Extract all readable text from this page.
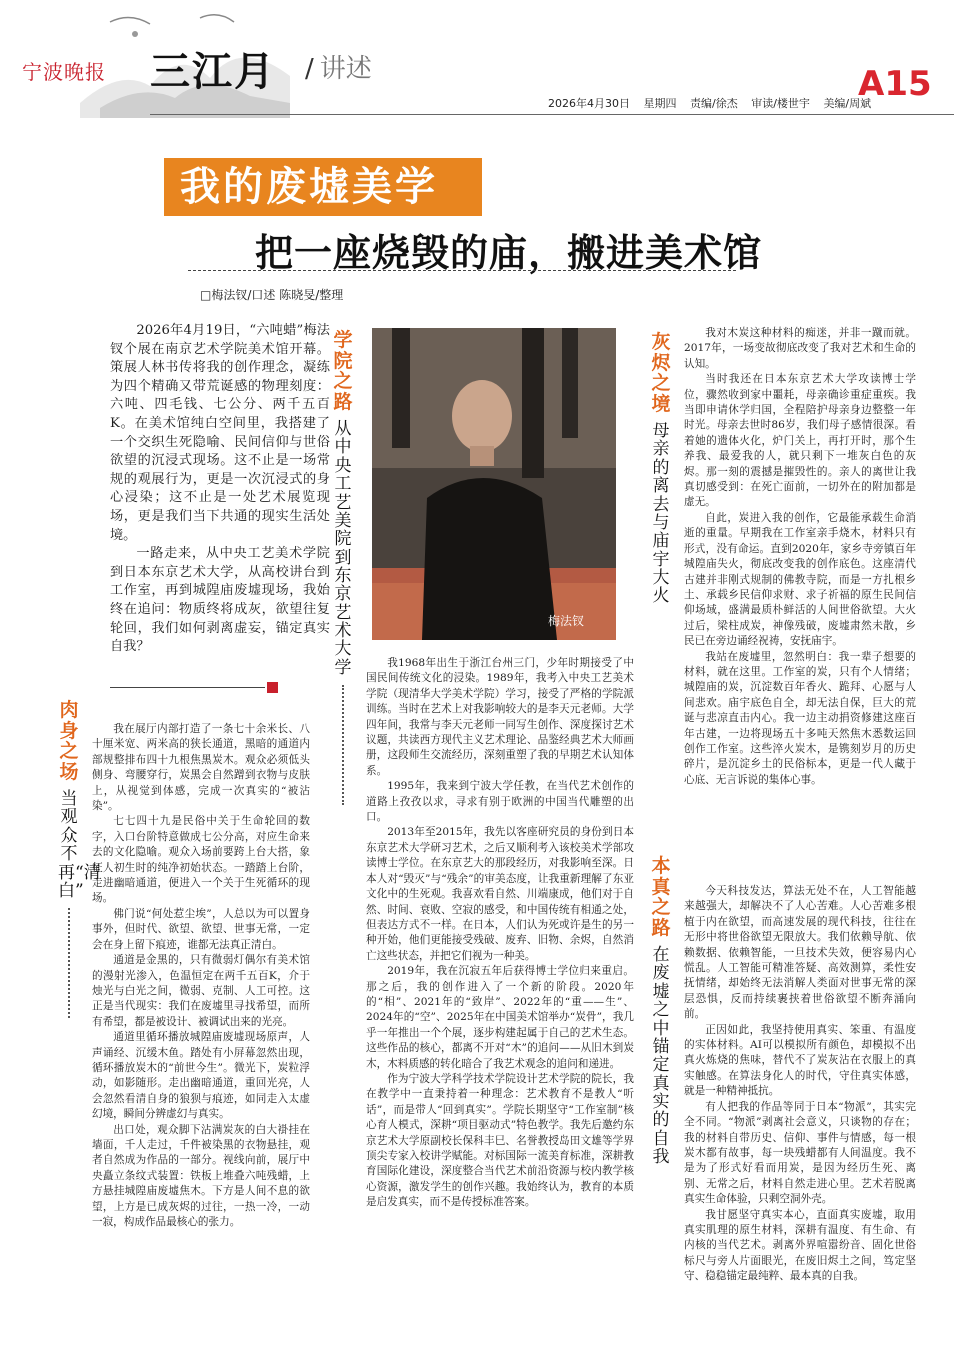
宁波晚报 三江月 / 讲述	A15
2026年4月30日 星期四 责编/徐杰 审读/楼世宇 美编/周斌
我的废墟美学
把一座烧毁的庙，搬进美术馆
□梅法钗/口述 陈晓旻/整理

2026年4月19日，“六吨蜡”梅法钗个展在南京艺术学院美术馆开幕。策展人林书传将我的创作理念，凝练为四个精确又带荒诞感的物理刻度：六吨、四毛钱、七公分、两千五百K。在美术馆纯白空间里，我搭建了一个交织生死隐喻、民间信仰与世俗欲望的沉浸式现场。这不止是一场常规的观展行为，更是一次沉浸式的身心浸染；这不止是一处艺术展览现场，更是我们当下共通的现实生活处境。

一路走来，从中央工艺美术学院到日本东京艺术大学，从高校讲台到工作室，再到城隍庙废墟现场，我始终在追问：物质终将成灰，欲望往复轮回，我们如何剥离虚妄，锚定真实自我？

梅法钗
学院之路
从中央工艺美院到东京艺术大学
灰烬之境
母亲的离去与庙宇大火
肉身之场
当观众不再“清白”
本真之路
在废墟之中锚定真实的自我

我在展厅内部打造了一条七十余米长、八十厘米宽、两米高的狭长通道，黑暗的通道内部规整排布四十九根焦黑炭木。观众必须低头侧身、弯腰穿行，炭黑会自然蹭到衣物与皮肤上，从视觉到体感，完成一次真实的“被沾染”。

七七四十九是民俗中关于生命轮回的数字，入口台阶特意做成七公分高，对应生命来去的文化隐喻。观众入场前要跨上台大搭，象征人初生时的纯净初始状态。一踏踏上台阶，走进幽暗通道，便进入一个关于生死循环的现场。

佛门说“何处惹尘埃”，人总以为可以置身事外，但时代、欲望、欲望、世事无常，一定会在身上留下痕迹，谁都无法真正清白。

通道是金黑的，只有微弱灯偶尔有美术馆的漫射光渗入，色温恒定在两千五百K，介于烛光与白光之间，微弱、克制、人工可控。这正是当代现实：我们在废墟里寻找希望，而所有希望，都是被设计、被调试出来的光亮。

通道里循环播放城隍庙废墟现场原声，人声诵经、沉缓木鱼。踏处有小屏幕忽然出现，循环播放炭木的“前世今生”。微光下，炭粒浮动，如影随形。走出幽暗通道，重回光亮，人会忽然看清自身的狼狈与痕迹，如同走入太虚幻境，瞬间分辨虚幻与真实。

出口处，观众脚下沾满炭灰的白大褂挂在墙面，千人走过，千件被染黑的衣物悬挂，观者自然成为作品的一部分。视线向前，展厅中央矗立条纹式装置：铁板上堆叠六吨残蜡，上方悬挂城隍庙废墟焦木。下方是人间不息的欲望，上方是已成灰烬的过往，一热一冷，一动一寂，构成作品最核心的张力。

我1968年出生于浙江台州三门，少年时期接受了中国民间传统文化的浸染。1989年，我考入中央工艺美术学院（现清华大学美术学院）学习，接受了严格的学院派训练。当时在艺术上对我影响较大的是李天元老师。大学四年间，我常与李天元老师一同写生创作、深度探讨艺术议题，共读西方现代主义艺术理论、品鉴经典艺术大师画册，这段师生交流经历，深刻重塑了我的早期艺术认知体系。

1995年，我来到宁波大学任教，在当代艺术创作的道路上孜孜以求，寻求有别于欧洲的中国当代雕塑的出口。

2013年至2015年，我先以客座研究员的身份到日本东京艺术大学研习艺术，之后又顺利考入该校美术学部攻读博士学位。在东京艺大的那段经历，对我影响至深。日本人对“毁灭”与“残余”的审美态度，让我重新理解了东亚文化中的生死观。我喜欢看自然、川端康成，他们对于自然、时间、衰败、空寂的感受，和中国传统有相通之处，但表达方式不一样。在日本，人们认为死或许是生的另一种开始，他们更能接受残破、废弃、旧物、余烬，自然消亡这些状态，并把它们视为一种美。

2019年，我在沉寂五年后获得博士学位归来重启。那之后，我的创作进入了一个新的阶段。2020年的“相”、2021年的“致岸”、2022年的“重——生”、2024年的“空”、2025年在中国美术馆举办“炭骨”，我几乎一年推出一个个展，逐步构建起属于自己的艺术生态。这些作品的核心，都离不开对“木”的追问——从旧木到炭木，木料质感的转化暗合了我艺术观念的追问和递进。

作为宁波大学科学技术学院设计艺术学院的院长，我在教学中一直秉持着一种理念：艺术教育不是教人“听话”，而是带人“回到真实”。学院长期坚守“工作室制”核心育人模式，深耕“项目驱动式”特色教学。我先后邀约东京艺术大学原副校长保科丰巳、名誉教授岛田文雄等学界顶尖专家入校讲学赋能。对标国际一流美育标准，深耕教育国际化建设，深度整合当代艺术前沿资源与校内教学核心资源，激发学生的创作兴趣。我始终认为，教育的本质是启发真实，而不是传授标准答案。

我对木炭这种材料的痴迷，并非一蹴而就。2017年，一场变故彻底改变了我对艺术和生命的认知。

当时我还在日本东京艺术大学攻读博士学位，骤然收到家中噩耗，母亲确诊重症重疾。我当即申请休学归国，全程陪护母亲身边整整一年时光。母亲去世时86岁，我们母子感情很深。看着她的遗体火化，炉门关上，再打开时，那个生养我、最爱我的人，就只剩下一堆灰白色的灰烬。那一刻的震撼是摧毁性的。亲人的离世让我真切感受到：在死亡面前，一切外在的附加都是虚无。

自此，炭进入我的创作，它最能承载生命消逝的重量。早期我在工作室亲手烧木，材料只有形式，没有命运。直到2020年，家乡寺旁镇百年城隍庙失火，彻底改变我的创作底色。这座清代古建并非刚式规制的佛教寺院，而是一方扎根乡土、承载乡民信仰求财、求子祈福的原生民间信仰场域，盛满最质朴鲜活的人间世俗欲望。大火过后，梁柱成炭，神像残破，废墟肃然未散，乡民已在旁边诵经祝祷，安抚庙宇。

我站在废墟里，忽然明白：我一辈子想要的材料，就在这里。工作室的炭，只有个人情绪；城隍庙的炭，沉淀数百年香火、跪拜、心愿与人间悲欢。庙宇底色自全，却无法自保，巨大的荒诞与悲凉直击内心。我一边主动捐资修建这座百年古建，一边将现场五十多吨天然焦木悉数运回创作工作室。这些淬火炭木，是镌刻岁月的历史碎片，是沉淀乡土的民俗标本，更是一代人藏于心底、无言诉说的集体心事。

今天科技发达，算法无处不在，人工智能越来越强大，却解决不了人心苦难。人心苦难多根植于内在欲望，而高速发展的现代科技，往往在无形中将世俗欲望无限放大。我们依赖导航、依赖数据、依赖智能，一旦技术失效，便容易内心慌乱。人工智能可精准答疑、高效测算，柔性安抚情绪，却始终无法消解人类面对世事无常的深层恐惧，反而持续裹挟着世俗欲望不断奔涌向前。

正因如此，我坚持使用真实、笨重、有温度的实体材料。AI可以模拟所有颜色，却模拟不出真火炼烧的焦味，替代不了炭灰沾在衣服上的真实触感。在算法身化人的时代，守住真实体感，就是一种精神抵抗。

有人把我的作品等同于日本“物派”，其实完全不同。“物派”剥离社会意义，只谈物的存在；我的材料自带历史、信仰、事件与情感，每一根炭木都有故事，每一块残蜡都有人间温度。我不是为了形式好看而用炭，是因为经历生死、离别、无常之后，材料自然走进心里。艺术若脱离真实生命体验，只剩空洞外壳。

我甘愿坚守真实本心，直面真实废墟，取用真实肌理的原生材料，深耕有温度、有生命、有内核的当代艺术。剥离外界喧嚣纷音、固化世俗标尺与旁人片面眼光，在废旧烬土之间，笃定坚守、稳稳锚定最纯粹、最本真的自我。
